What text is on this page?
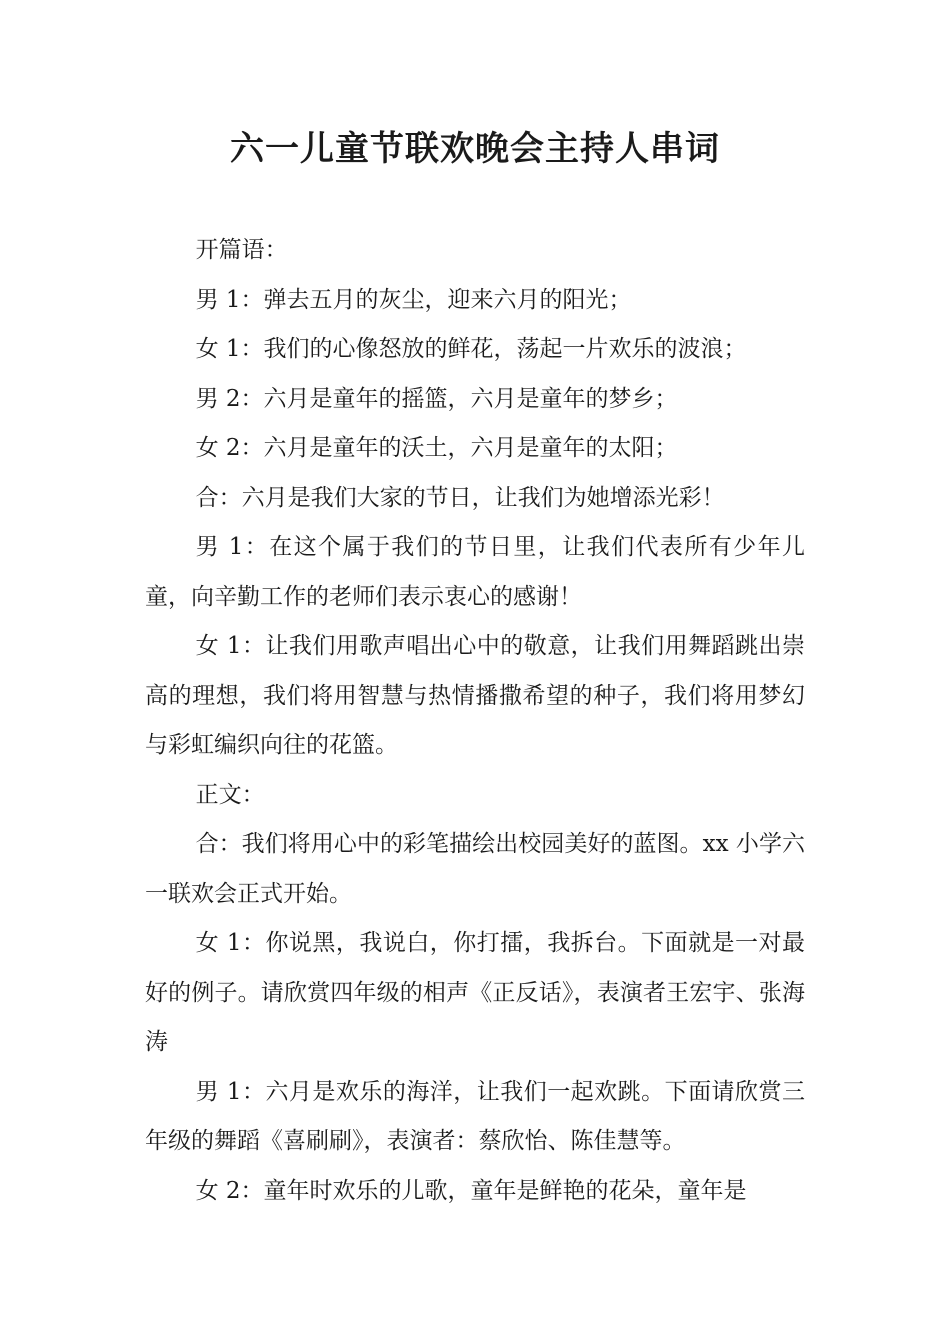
六一儿童节联欢晚会主持人串词

开篇语：

男 1：弹去五月的灰尘，迎来六月的阳光；

女 1：我们的心像怒放的鲜花，荡起一片欢乐的波浪；

男 2：六月是童年的摇篮，六月是童年的梦乡；

女 2：六月是童年的沃土，六月是童年的太阳；

合：六月是我们大家的节日，让我们为她增添光彩！

男 1：在这个属于我们的节日里，让我们代表所有少年儿童，向辛勤工作的老师们表示衷心的感谢！

女 1：让我们用歌声唱出心中的敬意，让我们用舞蹈跳出崇高的理想，我们将用智慧与热情播撒希望的种子，我们将用梦幻与彩虹编织向往的花篮。

正文：

合：我们将用心中的彩笔描绘出校园美好的蓝图。xx 小学六一联欢会正式开始。

女 1：你说黑，我说白，你打擂，我拆台。下面就是一对最好的例子。请欣赏四年级的相声《正反话》，表演者王宏宇、张海涛

男 1：六月是欢乐的海洋，让我们一起欢跳。下面请欣赏三年级的舞蹈《喜刷刷》，表演者：蔡欣怡、陈佳慧等。

女 2：童年时欢乐的儿歌，童年是鲜艳的花朵，童年是
